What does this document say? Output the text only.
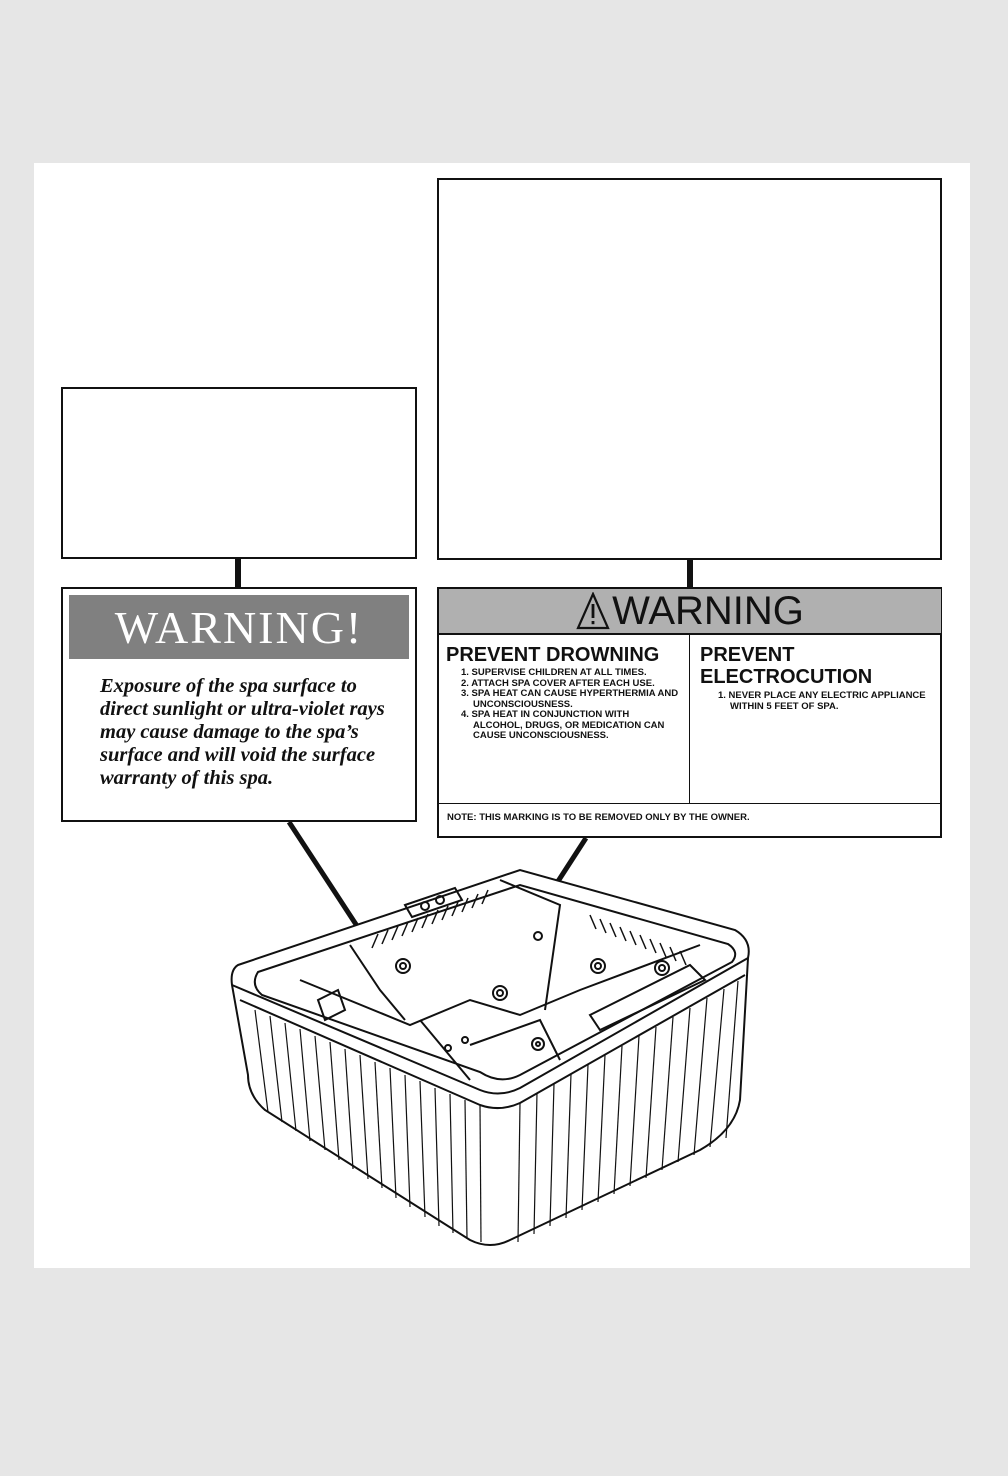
WARNING!
Exposure of the spa surface to direct sunlight or ultra-violet rays may cause damage to the spa’s surface and will void the surface warranty of this spa.
WARNING
PREVENT DROWNING
1. SUPERVISE CHILDREN AT ALL TIMES.
2. ATTACH SPA COVER AFTER EACH USE.
3. SPA HEAT CAN CAUSE HYPERTHERMIA AND UNCONSCIOUSNESS.
4. SPA HEAT IN CONJUNCTION WITH ALCOHOL, DRUGS, OR MEDICATION CAN CAUSE UNCONSCIOUSNESS.
PREVENT
ELECTROCUTION
1. NEVER PLACE ANY ELECTRIC APPLIANCE WITHIN 5 FEET OF SPA.
NOTE: THIS MARKING IS TO BE REMOVED ONLY BY THE OWNER.
